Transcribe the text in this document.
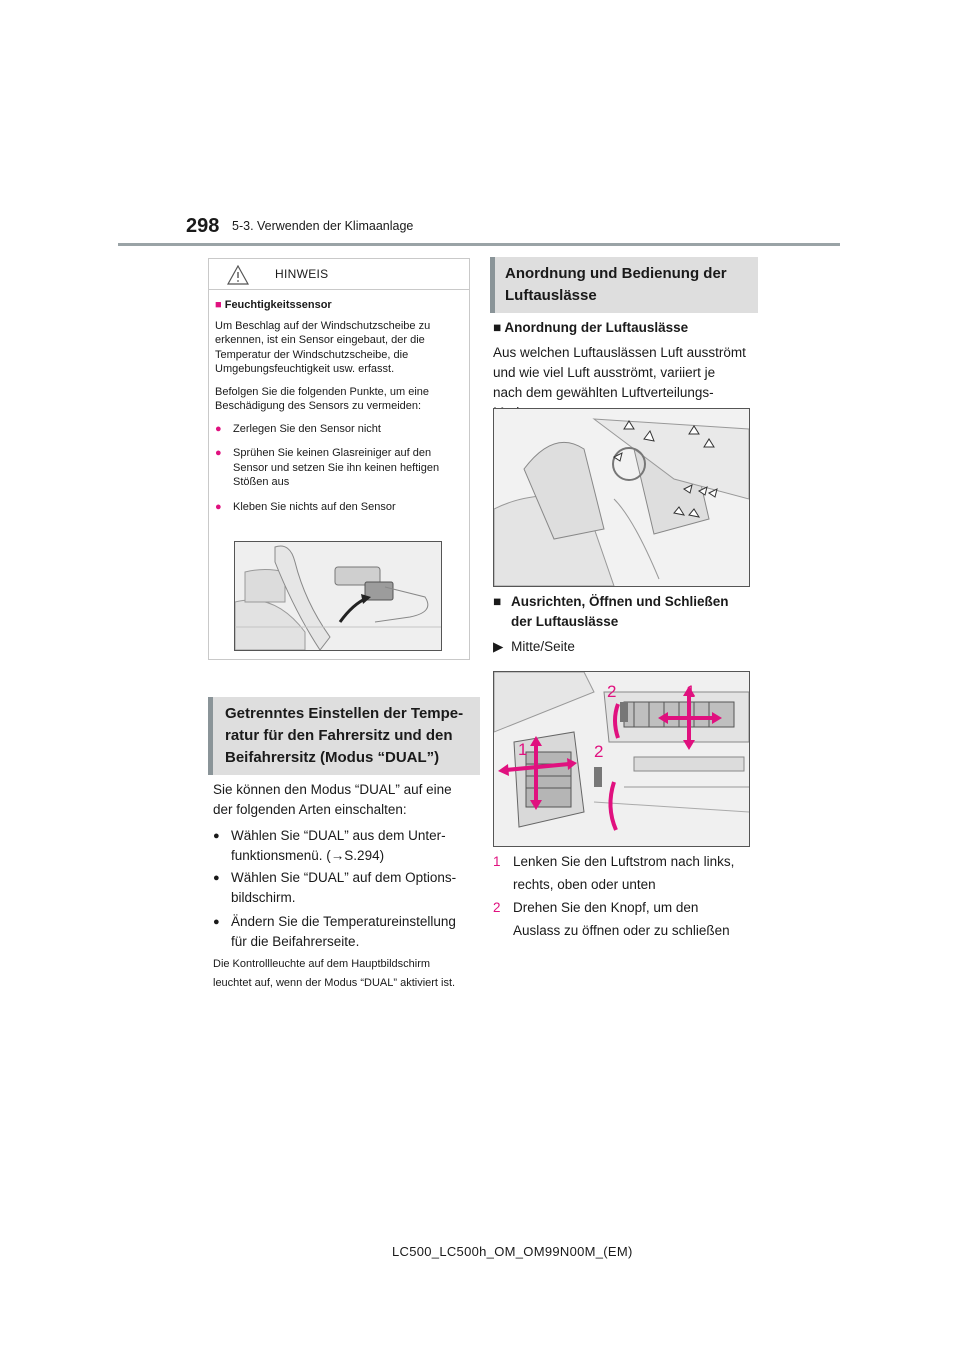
298 5-3. Verwenden der Klimaanlage
HINWEIS
■ Feuchtigkeitssensor
Um Beschlag auf der Windschutzscheibe zu erkennen, ist ein Sensor eingebaut, der die Temperatur der Windschutzscheibe, die Umgebungsfeuchtigkeit usw. erfasst.
Befolgen Sie die folgenden Punkte, um eine Beschädigung des Sensors zu vermeiden:
●	Zerlegen Sie den Sensor nicht
●	Sprühen Sie keinen Glasreiniger auf den Sensor und setzen Sie ihn keinen heftigen Stößen aus
●	Kleben Sie nichts auf den Sensor
Getrenntes Einstellen der Tempe-
ratur für den Fahrersitz und den
Beifahrersitz (Modus “DUAL”)
Sie können den Modus “DUAL” auf eine der folgenden Arten einschalten:
● Wählen Sie “DUAL” aus dem Unter-funktionsmenü. (→S.294)
● Wählen Sie “DUAL” auf dem Options-bildschirm.
● Ändern Sie die Temperatureinstellung für die Beifahrerseite.
Die Kontrollleuchte auf dem Hauptbildschirm leuchtet auf, wenn der Modus “DUAL” aktiviert ist.
Anordnung und Bedienung der
Luftauslässe
■ Anordnung der Luftauslässe
Aus welchen Luftauslässen Luft ausströmt und wie viel Luft ausströmt, variiert je nach dem gewählten Luftverteilungs-
■ Ausrichten, Öffnen und Schließen der Luftauslässe
▶ Mitte/Seite
2	1
1	2
1 Lenken Sie den Luftstrom nach links, rechts, oben oder unten
2 Drehen Sie den Knopf, um den Auslass zu öffnen oder zu schließen
LC500_LC500h_OM_OM99N00M_(EM)
